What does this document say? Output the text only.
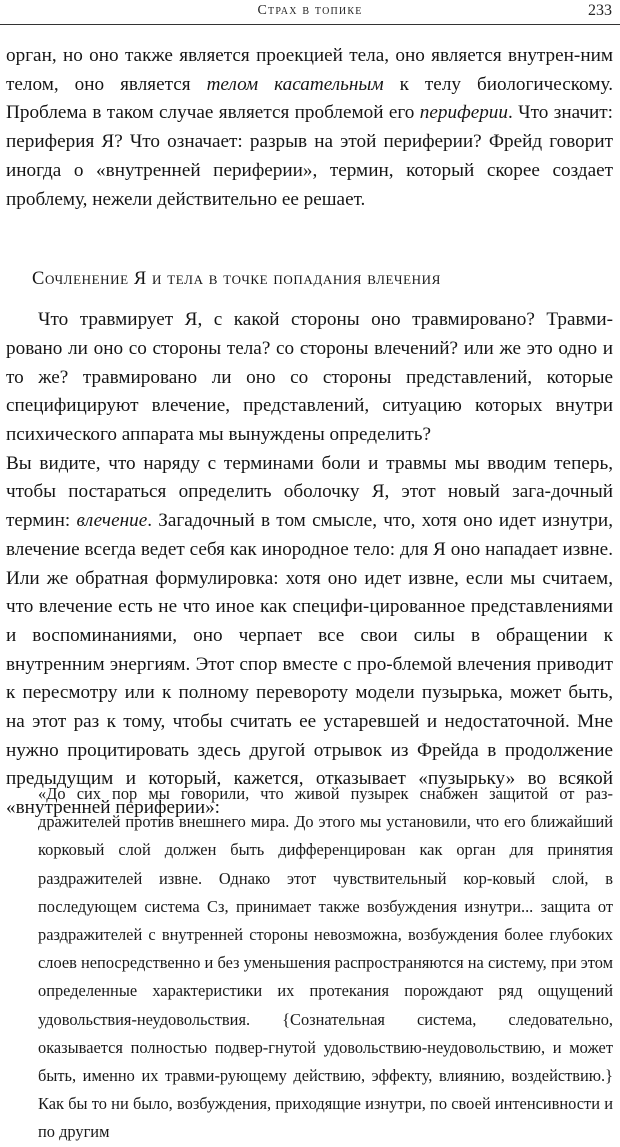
Страх в топике	233

орган, но оно также является проекцией тела, оно является внутрен-ним телом, оно является телом касательным к телу биологическому. Проблема в таком случае является проблемой его периферии. Что значит: периферия Я? Что означает: разрыв на этой периферии? Фрейд говорит иногда о «внутренней периферии», термин, который скорее создает проблему, нежели действительно ее решает.

Сочленение Я и тела в точке попадания влечения

Что травмирует Я, с какой стороны оно травмировано? Травми-ровано ли оно со стороны тела? со стороны влечений? или же это одно и то же? травмировано ли оно со стороны представлений, которые специфицируют влечение, представлений, ситуацию которых внутри психического аппарата мы вынуждены определить?

Вы видите, что наряду с терминами боли и травмы мы вводим теперь, чтобы постараться определить оболочку Я, этот новый зага-дочный термин: влечение. Загадочный в том смысле, что, хотя оно идет изнутри, влечение всегда ведет себя как инородное тело: для Я оно нападает извне. Или же обратная формулировка: хотя оно идет извне, если мы считаем, что влечение есть не что иное как специфи-цированное представлениями и воспоминаниями, оно черпает все свои силы в обращении к внутренним энергиям. Этот спор вместе с про-блемой влечения приводит к пересмотру или к полному перевороту модели пузырька, может быть, на этот раз к тому, чтобы считать ее устаревшей и недостаточной. Мне нужно процитировать здесь другой отрывок из Фрейда в продолжение предыдущим и который, кажется, отказывает «пузырьку» во всякой «внутренней периферии»:

«До сих пор мы говорили, что живой пузырек снабжен защитой от раз-дражителей против внешнего мира. До этого мы установили, что его ближайший корковый слой должен быть дифференцирован как орган для принятия раздражителей извне. Однако этот чувствительный кор-ковый слой, в последующем система Сз, принимает также возбуждения изнутри... защита от раздражителей с внутренней стороны невозможна, возбуждения более глубоких слоев непосредственно и без уменьшения распространяются на систему, при этом определенные характеристики их протекания порождают ряд ощущений удовольствия-неудовольствия. {Сознательная система, следовательно, оказывается полностью подвер-гнутой удовольствию-неудовольствию, и может быть, именно их травми-рующему действию, эффекту, влиянию, воздействию.} Как бы то ни было, возбуждения, приходящие изнутри, по своей интенсивности и по другим
